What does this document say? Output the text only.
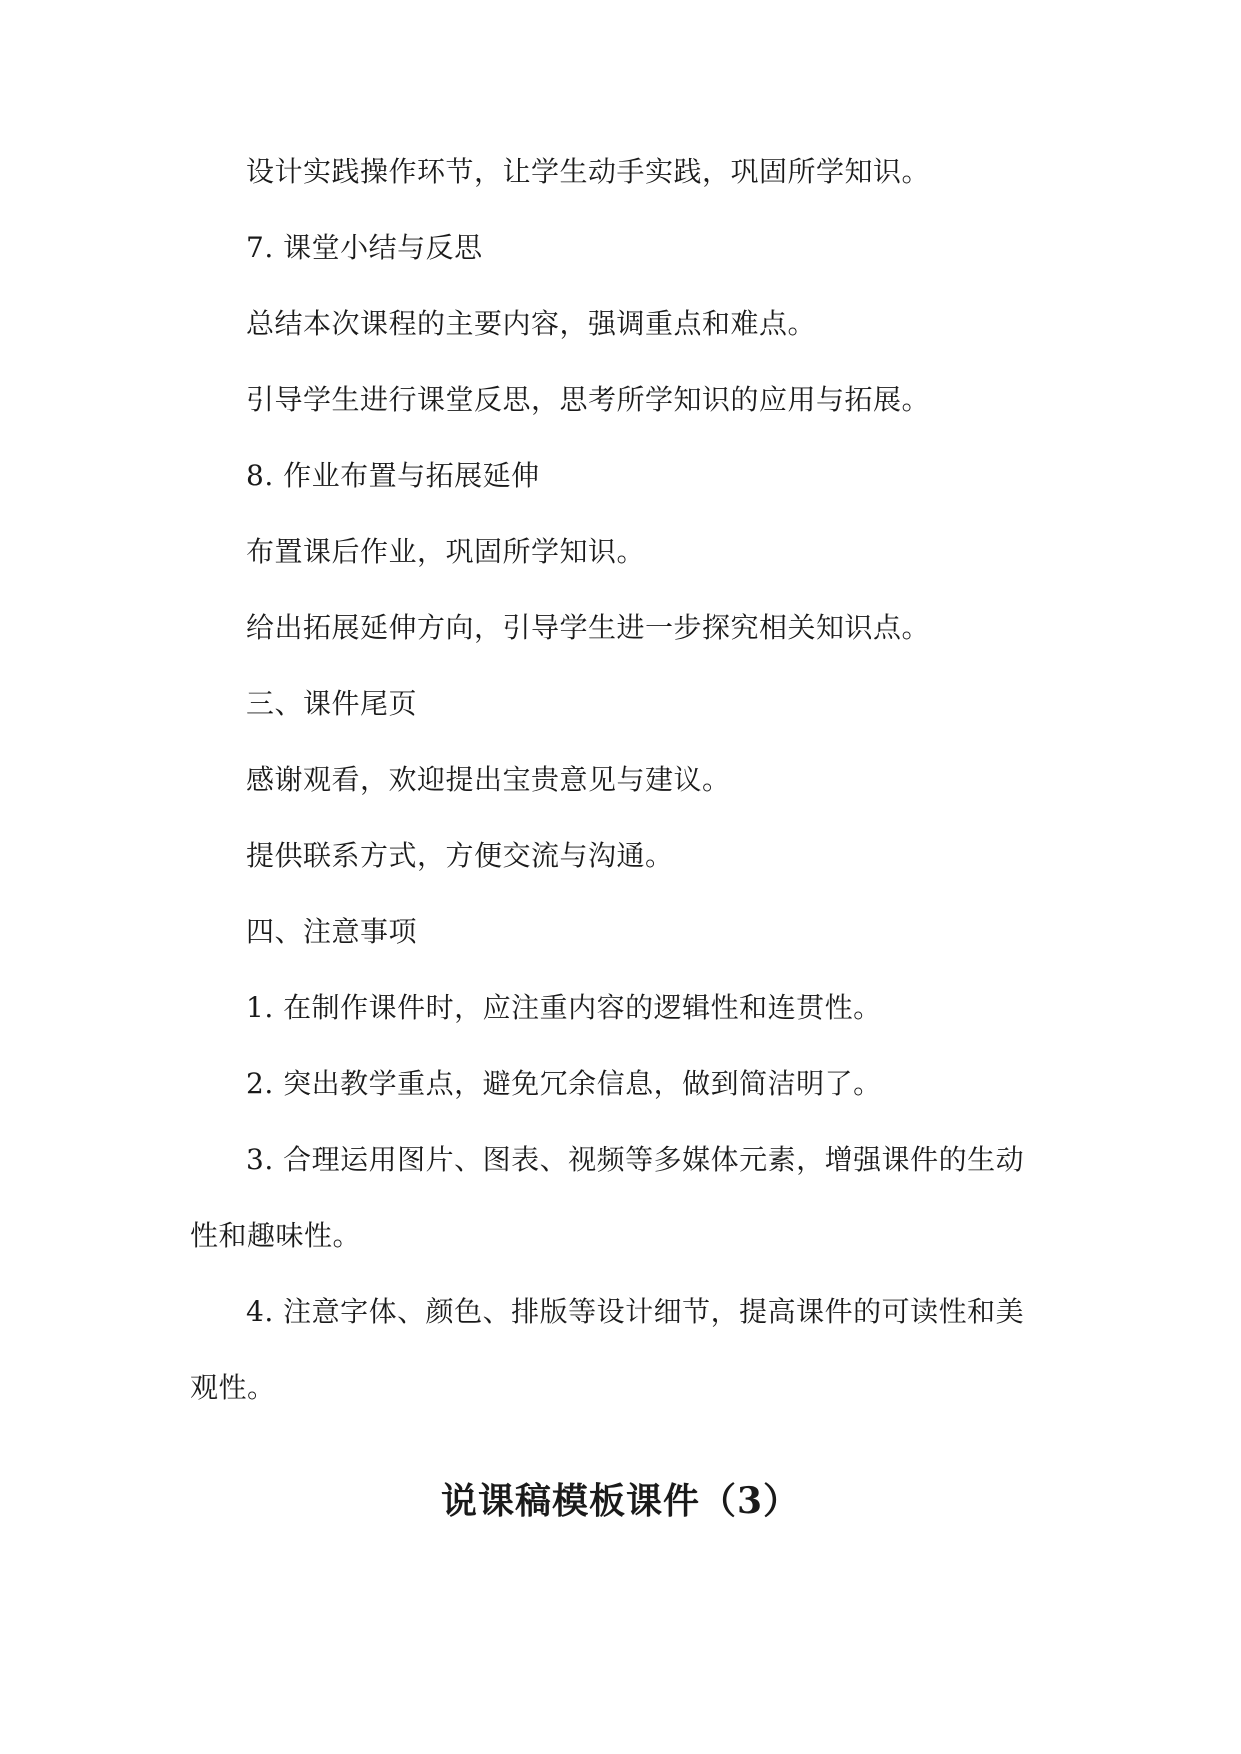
设计实践操作环节，让学生动手实践，巩固所学知识。
7. 课堂小结与反思
总结本次课程的主要内容，强调重点和难点。
引导学生进行课堂反思，思考所学知识的应用与拓展。
8. 作业布置与拓展延伸
布置课后作业，巩固所学知识。
给出拓展延伸方向，引导学生进一步探究相关知识点。
三、课件尾页
感谢观看，欢迎提出宝贵意见与建议。
提供联系方式，方便交流与沟通。
四、注意事项
1. 在制作课件时，应注重内容的逻辑性和连贯性。
2. 突出教学重点，避免冗余信息，做到简洁明了。
3. 合理运用图片、图表、视频等多媒体元素，增强课件的生动
性和趣味性。
4. 注意字体、颜色、排版等设计细节，提高课件的可读性和美
观性。
说课稿模板课件（3）
